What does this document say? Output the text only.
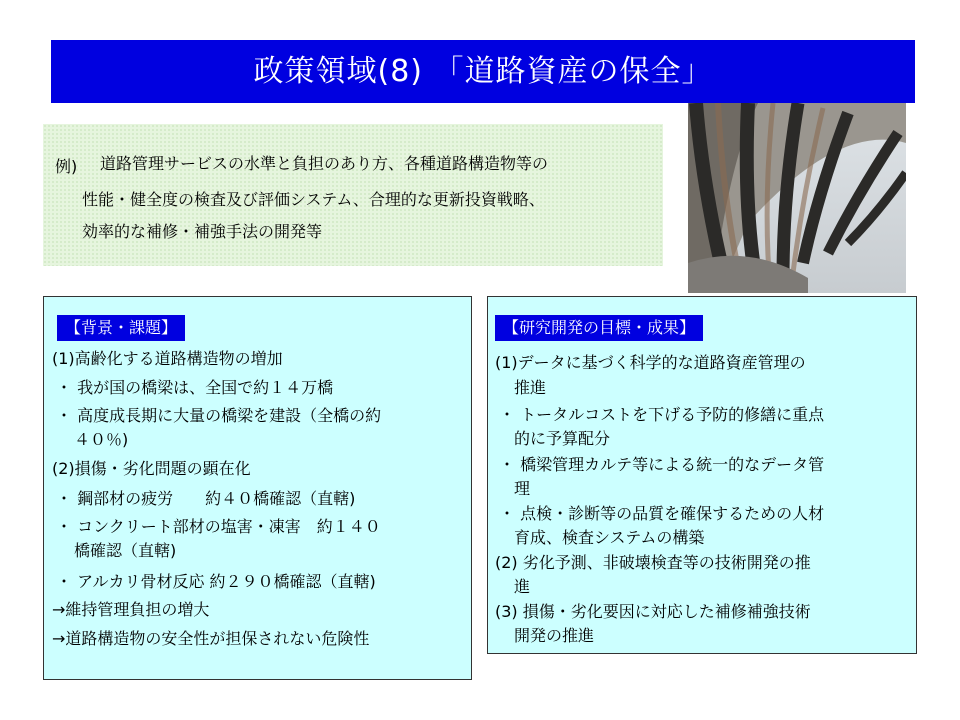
政策領域(8) 「道路資産の保全」
例) 道路管理サービスの水準と負担のあり方、各種道路構造物等の
性能・健全度の検査及び評価システム、合理的な更新投資戦略、
効率的な補修・補強手法の開発等
【背景・課題】
(1)高齢化する道路構造物の増加
・ 我が国の橋梁は、全国で約１４万橋
・ 高度成長期に大量の橋梁を建設（全橋の約
４０％)
(2)損傷・劣化問題の顕在化
・ 鋼部材の疲労　　約４０橋確認（直轄)
・ コンクリート部材の塩害・凍害　約１４０
橋確認（直轄)
・ アルカリ骨材反応 約２９０橋確認（直轄)
→維持管理負担の増大
→道路構造物の安全性が担保されない危険性
【研究開発の目標・成果】
(1)データに基づく科学的な道路資産管理の
推進
・ トータルコストを下げる予防的修繕に重点
的に予算配分
・ 橋梁管理カルテ等による統一的なデータ管
理
・ 点検・診断等の品質を確保するための人材
育成、検査システムの構築
(2) 劣化予測、非破壊検査等の技術開発の推
進
(3) 損傷・劣化要因に対応した補修補強技術
開発の推進
